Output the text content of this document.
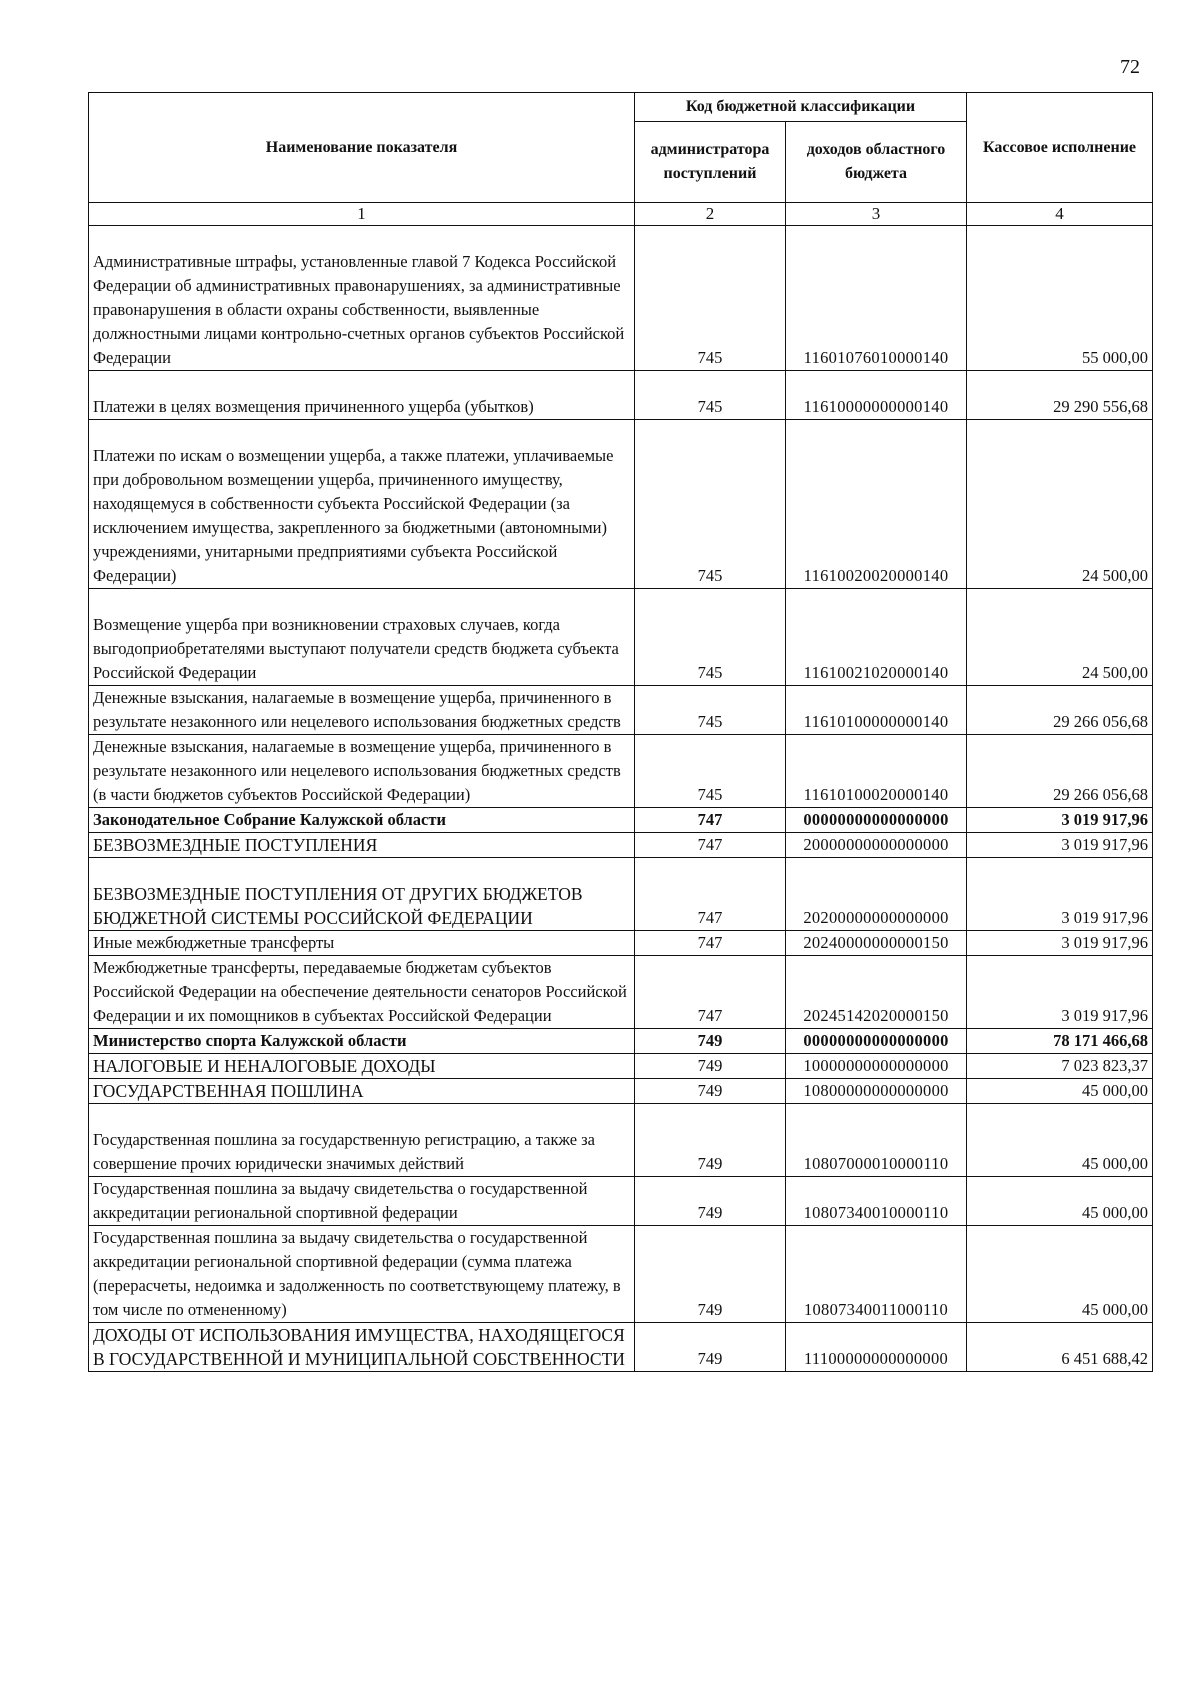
72
Наименование показателя	Код бюджетной классификации		Кассовое исполнение
	администратора поступлений	доходов областного бюджета	
1	2	3	4

Административные штрафы, установленные главой 7 Кодекса Российской Федерации об административных правонарушениях, за административные правонарушения в области охраны собственности, выявленные должностными лицами контрольно-счетных органов субъектов Российской Федерации	745	11601076010000140	55 000,00

Платежи в целях возмещения причиненного ущерба (убытков)	745	11610000000000140	29 290 556,68

Платежи по искам о возмещении ущерба, а также платежи, уплачиваемые при добровольном возмещении ущерба, причиненного имуществу, находящемуся в собственности субъекта Российской Федерации (за исключением имущества, закрепленного за бюджетными (автономными) учреждениями, унитарными предприятиями субъекта Российской Федерации)	745	11610020020000140	24 500,00

Возмещение ущерба при возникновении страховых случаев, когда выгодоприобретателями выступают получатели средств бюджета субъекта Российской Федерации	745	11610021020000140	24 500,00
Денежные взыскания, налагаемые в возмещение ущерба, причиненного в результате незаконного или нецелевого использования бюджетных средств	745	11610100000000140	29 266 056,68
Денежные взыскания, налагаемые в возмещение ущерба, причиненного в результате незаконного или нецелевого использования бюджетных средств (в части бюджетов субъектов Российской Федерации)	745	11610100020000140	29 266 056,68
Законодательное Собрание Калужской области	747	00000000000000000	3 019 917,96
БЕЗВОЗМЕЗДНЫЕ ПОСТУПЛЕНИЯ	747	20000000000000000	3 019 917,96

БЕЗВОЗМЕЗДНЫЕ ПОСТУПЛЕНИЯ ОТ ДРУГИХ БЮДЖЕТОВ БЮДЖЕТНОЙ СИСТЕМЫ РОССИЙСКОЙ ФЕДЕРАЦИИ	747	20200000000000000	3 019 917,96
Иные межбюджетные трансферты	747	20240000000000150	3 019 917,96
Межбюджетные трансферты, передаваемые бюджетам субъектов Российской Федерации на обеспечение деятельности сенаторов Российской Федерации и их помощников в субъектах Российской Федерации	747	20245142020000150	3 019 917,96
Министерство спорта Калужской области	749	00000000000000000	78 171 466,68
НАЛОГОВЫЕ И НЕНАЛОГОВЫЕ ДОХОДЫ	749	10000000000000000	7 023 823,37
ГОСУДАРСТВЕННАЯ ПОШЛИНА	749	10800000000000000	45 000,00

Государственная пошлина за государственную регистрацию, а также за совершение прочих юридически значимых действий	749	10807000010000110	45 000,00
Государственная пошлина за выдачу свидетельства о государственной аккредитации региональной спортивной федерации	749	10807340010000110	45 000,00
Государственная пошлина за выдачу свидетельства о государственной аккредитации региональной спортивной федерации (сумма платежа (перерасчеты, недоимка и задолженность по соответствующему платежу, в том числе по отмененному)	749	10807340011000110	45 000,00
ДОХОДЫ ОТ ИСПОЛЬЗОВАНИЯ ИМУЩЕСТВА, НАХОДЯЩЕГОСЯ В ГОСУДАРСТВЕННОЙ И МУНИЦИПАЛЬНОЙ СОБСТВЕННОСТИ	749	11100000000000000	6 451 688,42
